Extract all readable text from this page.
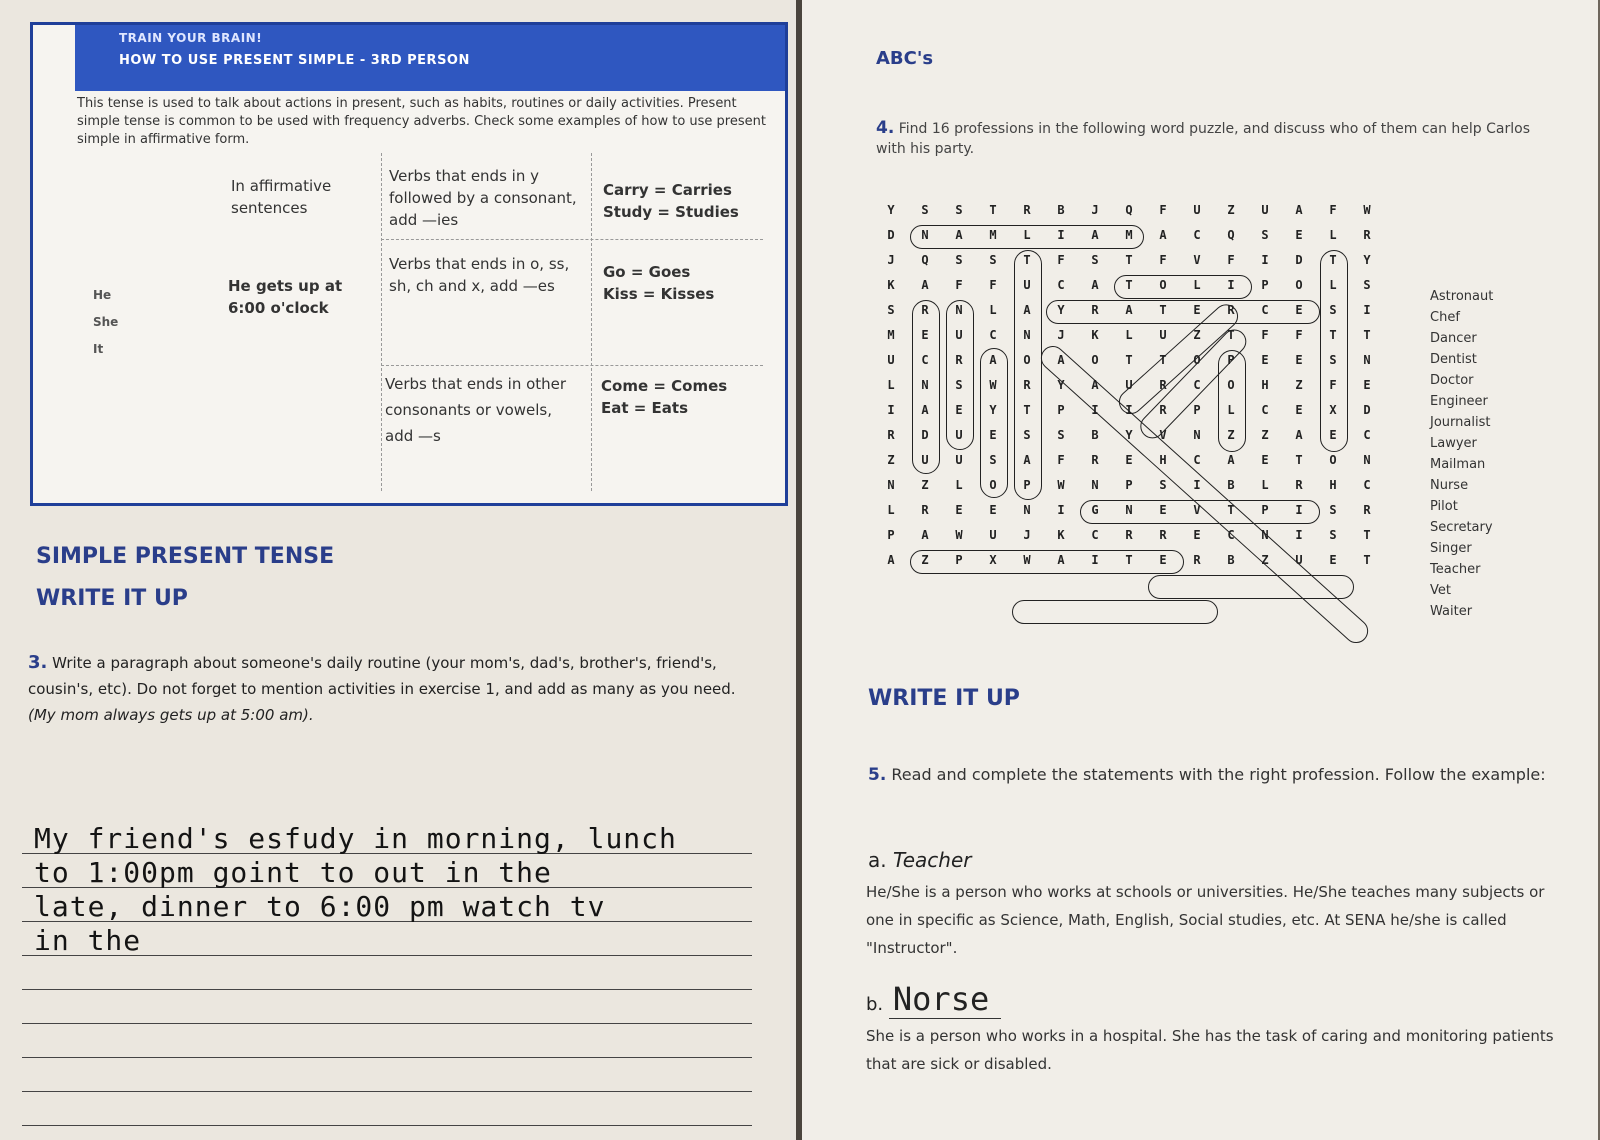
TRAIN YOUR BRAIN!
HOW TO USE PRESENT SIMPLE - 3RD PERSON
This tense is used to talk about actions in present, such as habits, routines or daily activities. Present simple tense is common to be used with frequency adverbs. Check some examples of how to use present simple in affirmative form.
He
She
It
In affirmative sentences
He gets up at 6:00 o'clock
Verbs that ends in y followed by a consonant, add —ies
Carry = Carries
Study = Studies
Verbs that ends in o, ss, sh, ch and x, add —es
Go = Goes
Kiss = Kisses
Verbs that ends in other consonants or vowels, add —s
Come = Comes
Eat = Eats
SIMPLE PRESENT TENSE
WRITE IT UP
3. Write a paragraph about someone's daily routine (your mom's, dad's, brother's, friend's, cousin's, etc). Do not forget to mention activities in exercise 1, and add as many as you need. (My mom always gets up at 5:00 am).
My friend's esfudy in morning, lunch
to 1:00pm goint to out in the
late, dinner to 6:00 pm watch tv
in the
ABC's
4. Find 16 professions in the following word puzzle, and discuss who of them can help Carlos with his party.
T
E
U
Z
B
R
E
T
I
A
W
X
P
Z
A
T
S
I
N
C
E
R
R
C
K
J
U
W
A
P
R
S
I
P
T
V
E
N
G
I
N
E
E
R
L
C
H
R
L
B
I
S
P
N
W
P
O
L
Z
N
N
O
T
E
A
C
H
E
R
F
A
S
U
U
Z
C
E
A
Z
Z
N
V
Y
B
S
S
E
U
D
R
D
X
E
C
L
P
R
I
I
P
T
Y
E
A
I
E
F
Z
H
O
C
R
U
A
Y
R
W
S
N
L
N
S
E
E
P
O
T
T
O
A
O
A
R
C
U
T
T
F
F
T
Z
U
L
K
J
N
C
U
E
M
I
S
E
C
R
E
T
A
R
Y
A
L
N
R
S
S
L
O
P
I
L
O
T
A
C
U
F
F
A
K
Y
T
D
I
F
V
F
T
S
F
T
S
S
Q
J
R
L
E
S
Q
C
A
M
A
I
L
M
A
N
D
W
F
A
U
Z
U
F
Q
J
B
R
T
S
S
Y
Astronaut
Chef
Dancer
Dentist
Doctor
Engineer
Journalist
Lawyer
Mailman
Nurse
Pilot
Secretary
Singer
Teacher
Vet
Waiter
WRITE IT UP
5. Read and complete the statements with the right profession. Follow the example:
a. Teacher
He/She is a person who works at schools or universities. He/She teaches many subjects or one in specific as Science, Math, English, Social studies, etc. At SENA he/she is called "Instructor".
b. Norse
She is a person who works in a hospital. She has the task of caring and monitoring patients that are sick or disabled.
